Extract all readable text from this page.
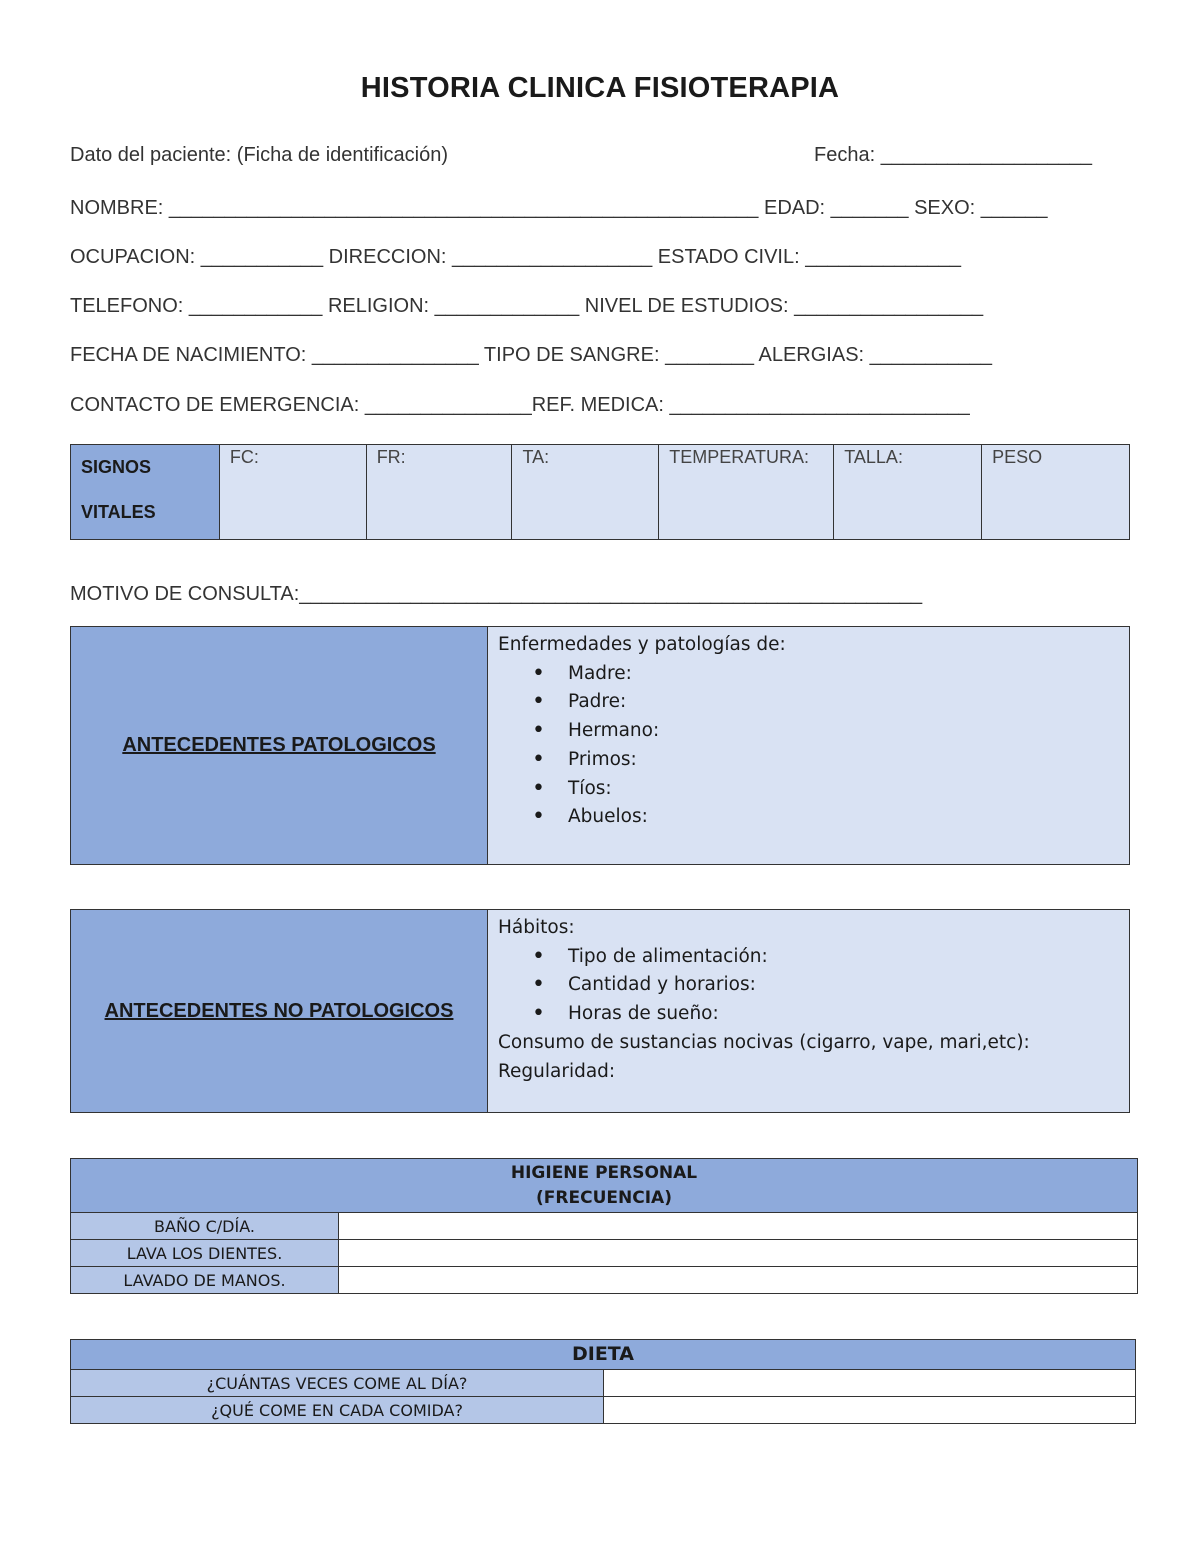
HISTORIA CLINICA FISIOTERAPIA
Dato del paciente: (Ficha de identificación)	Fecha: ___________________
NOMBRE: _____________________________________________________ EDAD: _______ SEXO: ______
OCUPACION: ___________ DIRECCION: __________________ ESTADO CIVIL: ______________
TELEFONO: ____________ RELIGION: _____________ NIVEL DE ESTUDIOS: _________________
FECHA DE NACIMIENTO: _______________ TIPO DE SANGRE: ________ ALERGIAS: ___________
CONTACTO DE EMERGENCIA: _______________REF. MEDICA: ___________________________
SIGNOS
VITALES
	FC:	FR:	TA:	TEMPERATURA:	TALLA:	PESO
MOTIVO DE CONSULTA:________________________________________________________
ANTECEDENTES PATOLOGICOS	
Enfermedades y patologías de:
• Madre:
• Padre:
• Hermano:
• Primos:
• Tíos:
• Abuelos:
ANTECEDENTES NO PATOLOGICOS	
Hábitos:
• Tipo de alimentación:
• Cantidad y horarios:
• Horas de sueño:
Consumo de sustancias nocivas (cigarro, vape, mari,etc):
Regularidad:
HIGIENE PERSONAL
(FRECUENCIA)	

BAÑO C/DÍA.	
LAVA LOS DIENTES.	
LAVADO DE MANOS.	
DIETA	
¿CUÁNTAS VECES COME AL DÍA?	
¿QUÉ COME EN CADA COMIDA?	
